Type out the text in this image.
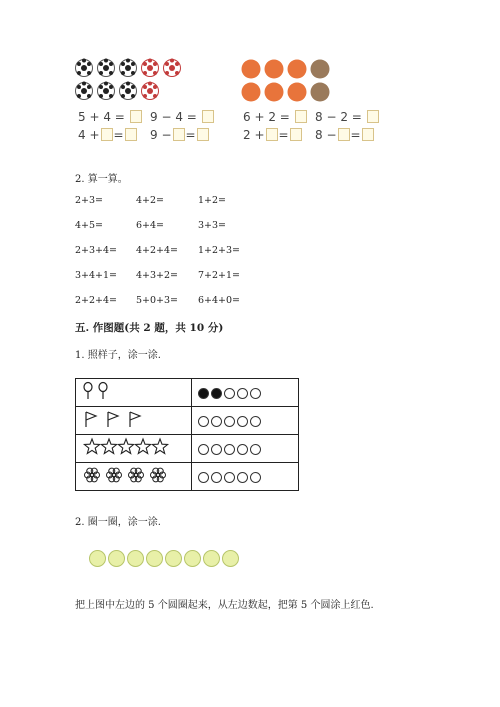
5 + 4 =	9 − 4 =
4 + =	9 − =
6 + 2 =	8 − 2 =
2 + =	8 − =
2. 算一算。
2+3=	4+2=	1+2=
4+5=	6+4=	3+3=
2+3+4= 4+2+4= 1+2+3=
3+4+1= 4+3+2= 7+2+1=
2+2+4= 5+0+3= 6+4+0=
五. 作图题(共 2 题，共 10 分)
1. 照样子，涂一涂.

2. 圈一圈，涂一涂.
把上图中左边的 5 个圆圈起来，从左边数起，把第 5 个圆涂上红色.
